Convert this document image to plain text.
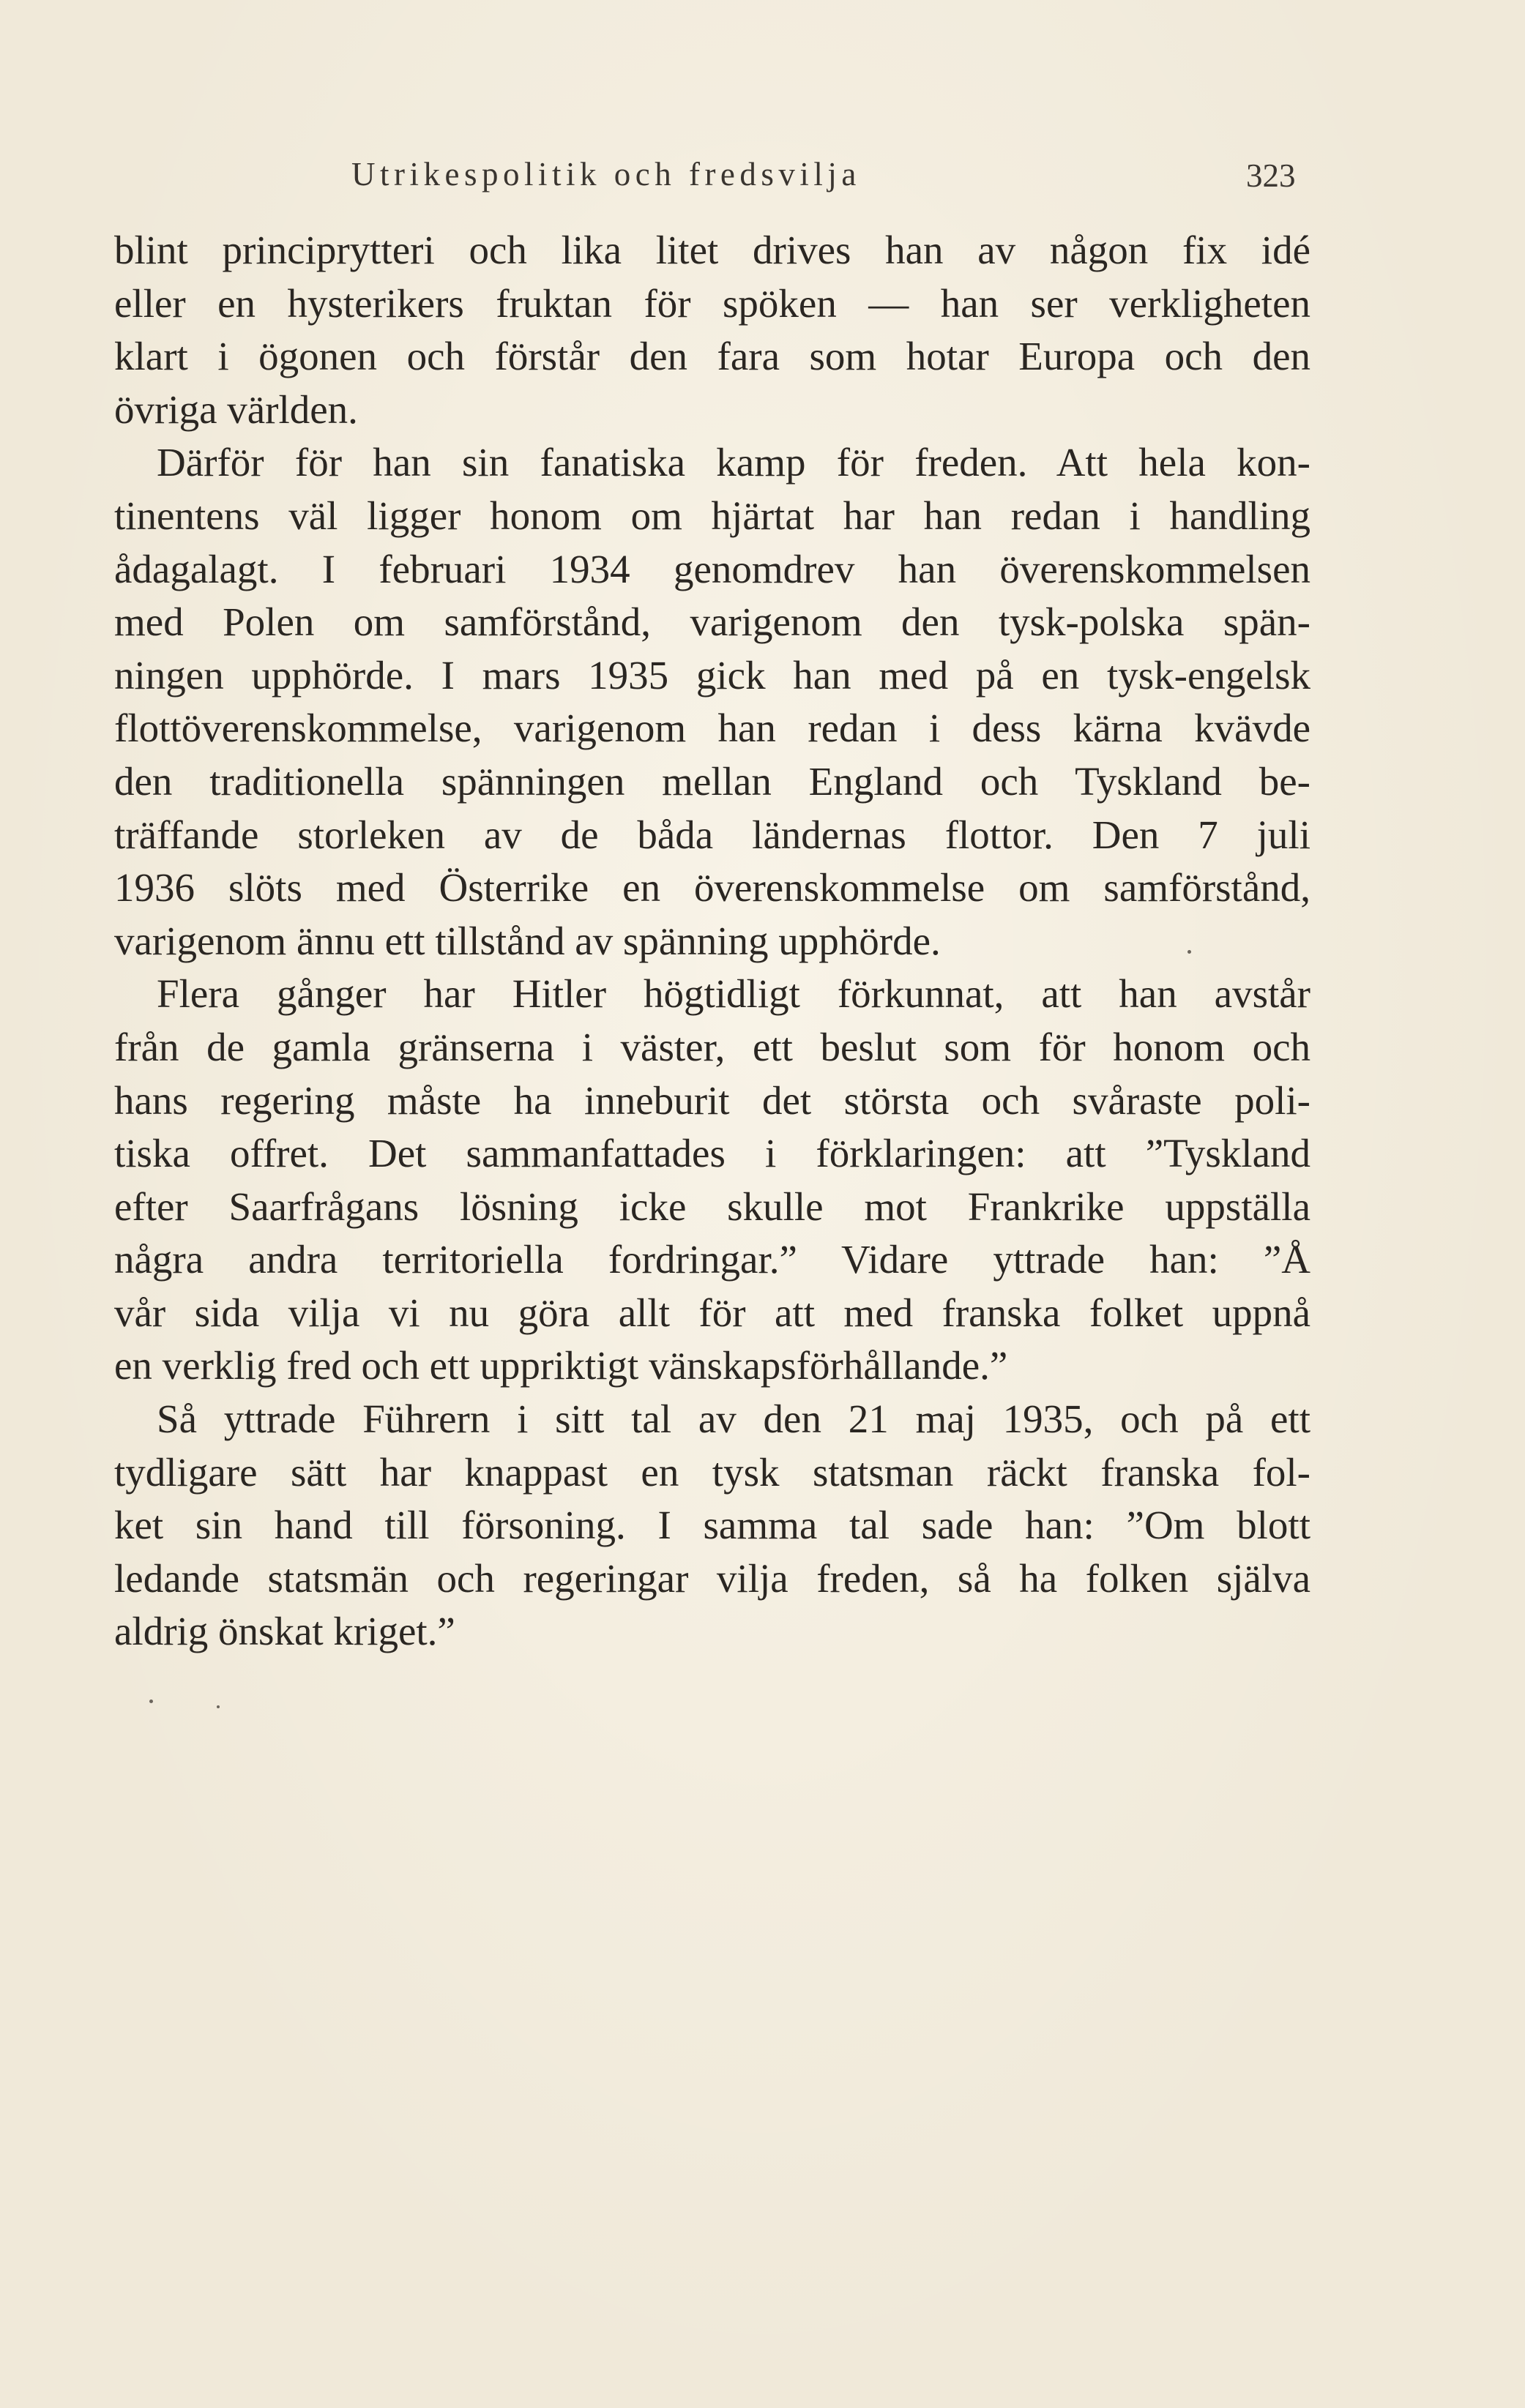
Utrikespolitik och fredsvilja	323
blint principrytteri och lika litet drives han av någon fix idé
eller en hysterikers fruktan för spöken — han ser verkligheten
klart i ögonen och förstår den fara som hotar Europa och den
övriga världen.
Därför för han sin fanatiska kamp för freden. Att hela kon-
tinentens väl ligger honom om hjärtat har han redan i handling
ådagalagt. I februari 1934 genomdrev han överenskommelsen
med Polen om samförstånd, varigenom den tysk-polska spän-
ningen upphörde. I mars 1935 gick han med på en tysk-engelsk
flottöverenskommelse, varigenom han redan i dess kärna kvävde
den traditionella spänningen mellan England och Tyskland be-
träffande storleken av de båda ländernas flottor. Den 7 juli
1936 slöts med Österrike en överenskommelse om samförstånd,
varigenom ännu ett tillstånd av spänning upphörde.
Flera gånger har Hitler högtidligt förkunnat, att han avstår
från de gamla gränserna i väster, ett beslut som för honom och
hans regering måste ha inneburit det största och svåraste poli-
tiska offret. Det sammanfattades i förklaringen: att ”Tyskland
efter Saarfrågans lösning icke skulle mot Frankrike uppställa
några andra territoriella fordringar.” Vidare yttrade han: ”Å
vår sida vilja vi nu göra allt för att med franska folket uppnå
en verklig fred och ett uppriktigt vänskapsförhållande.”
Så yttrade Führern i sitt tal av den 21 maj 1935, och på ett
tydligare sätt har knappast en tysk statsman räckt franska fol-
ket sin hand till försoning. I samma tal sade han: ”Om blott
ledande statsmän och regeringar vilja freden, så ha folken själva
aldrig önskat kriget.”
